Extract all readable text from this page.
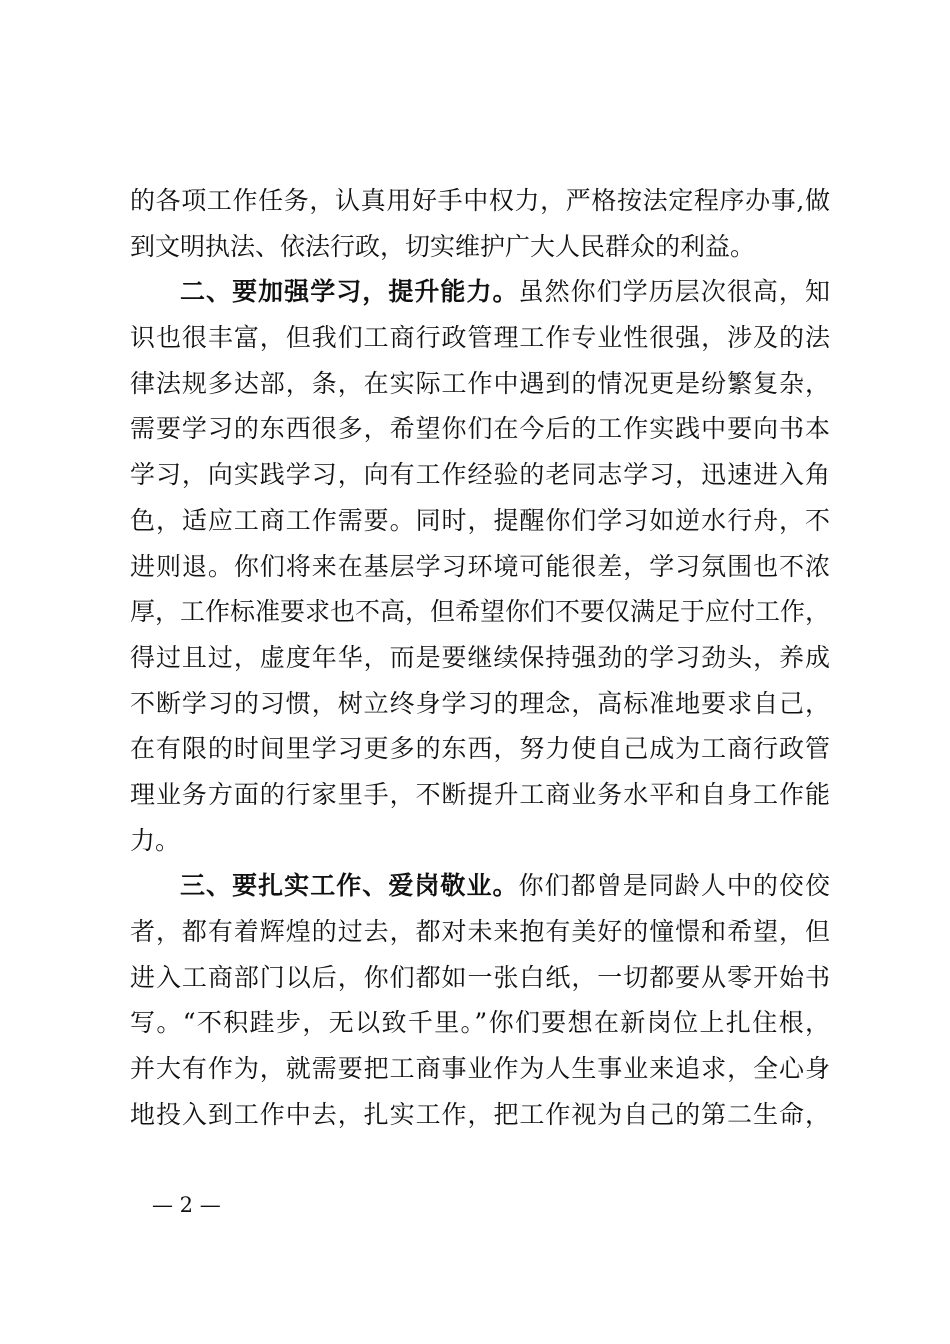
的各项工作任务，认真用好手中权力，严格按法定程序办事,做
到文明执法、依法行政，切实维护广大人民群众的利益。
二、要加强学习，提升能力。虽然你们学历层次很高，知
识也很丰富，但我们工商行政管理工作专业性很强，涉及的法
律法规多达部，条，在实际工作中遇到的情况更是纷繁复杂，
需要学习的东西很多，希望你们在今后的工作实践中要向书本
学习，向实践学习，向有工作经验的老同志学习，迅速进入角
色，适应工商工作需要。同时，提醒你们学习如逆水行舟，不
进则退。你们将来在基层学习环境可能很差，学习氛围也不浓
厚，工作标准要求也不高，但希望你们不要仅满足于应付工作，
得过且过，虚度年华，而是要继续保持强劲的学习劲头，养成
不断学习的习惯，树立终身学习的理念，高标准地要求自己，
在有限的时间里学习更多的东西，努力使自己成为工商行政管
理业务方面的行家里手，不断提升工商业务水平和自身工作能
力。
三、要扎实工作、爱岗敬业。你们都曾是同龄人中的佼佼
者，都有着辉煌的过去，都对未来抱有美好的憧憬和希望，但
进入工商部门以后，你们都如一张白纸，一切都要从零开始书
写。“不积跬步，无以致千里。”你们要想在新岗位上扎住根，
并大有作为，就需要把工商事业作为人生事业来追求，全心身
地投入到工作中去，扎实工作，把工作视为自己的第二生命，
— 2 —
